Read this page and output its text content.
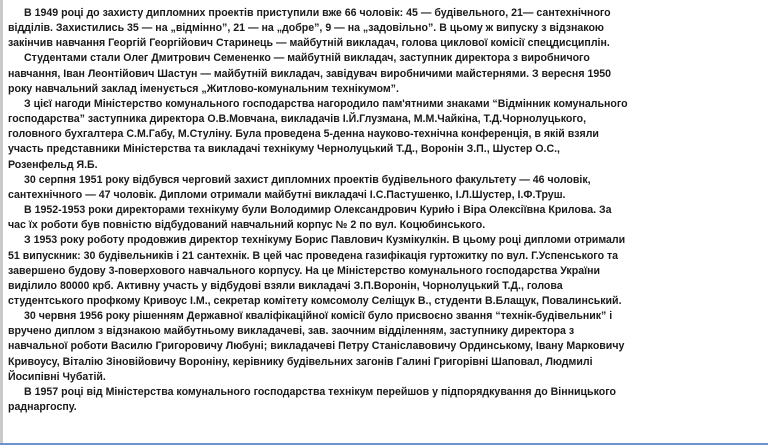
В 1949 році до захисту дипломних проектів приступили вже 66 чоловік: 45 — будівельного, 21— сантехнічного
відділів. Захистились 35 — на „відмінно”, 21 — на „добре”, 9 — на „задовільно”. В цьому ж випуску з відзнакою
закінчив навчання Георгій Георгійович Старинець — майбутній викладач, голова циклової комісії спецдисциплін.

Студентами стали Олег Дмитрович Семененко — майбутній викладач, заступник директора з виробничого
навчання, Іван Леонтійович Шастун — майбутній викладач, завідувач виробничими майстернями. З вересня 1950
року навчальний заклад іменується „Житлово-комунальним технікумом”.

З цієї нагоди Міністерство комунального господарства нагородило пам'ятними знаками “Відмінник комунального
господарства” заступника директора О.В.Мовчана, викладачів І.Й.Глузмана, М.М.Чайкіна, Т.Д.Чорнолуцького,
головного бухгалтера С.М.Габу, М.Стуліну. Була проведена 5-денна науково-технічна конференція, в якій взяли
участь представники Міністерства та викладачі технікуму Чернолуцький Т.Д., Воронін З.П., Шустер О.С.,
Розенфельд Я.Б.

30 серпня 1951 року відбувся черговий захист дипломних проектів будівельного факультету — 46 чоловік,
сантехнічного — 47 чоловік. Дипломи отримали майбутні викладачі І.С.Пастушенко, І.Л.Шустер, І.Ф.Труш.

В 1952-1953 роки директорами технікуму були Володимир Олександрович Куриło і Віра Олексіївна Крилова. За
час їх роботи був повністю відбудований навчальний корпус № 2 по вул. Коцюбинського.

З 1953 року роботу продовжив директор технікуму Борис Павлович Кузмікулкін. В цьому році дипломи отримали
51 випускник: 30 будівельників і 21 сантехнік. В цей час проведена газифікація гуртожитку по вул. Г.Успенського та
завершено будову 3-поверхового навчального корпусу. На це Міністерство комунального господарства України
виділило 80000 крб. Активну участь у відбудові взяли викладачі З.П.Воронін, Чорнолуцький Т.Д., голова
студентського профкому Кривоус І.М., секретар комітету комсомолу Селіщук В., студенти В.Блащук, Повалинський.

30 червня 1956 року рішенням Державної кваліфікаційної комісії було присвоєно звання “технік-будівельник” і
вручено диплом з відзнакою майбутньому викладачеві, зав. заочним відділенням, заступнику директора з
навчальної роботи Василю Григоровичу Любуні; викладачеві Петру Станіславовичу Ординському, Івану Марковичу
Кривоусу, Віталію Зіновійовичу Вороніну, керівнику будівельних загонів Галині Григорівні Шаповал, Людмилі
Йосипівні Чубатій.

В 1957 році від Міністерства комунального господарства технікум перейшов у підпорядкування до Вінницького
раднаргоспу.
